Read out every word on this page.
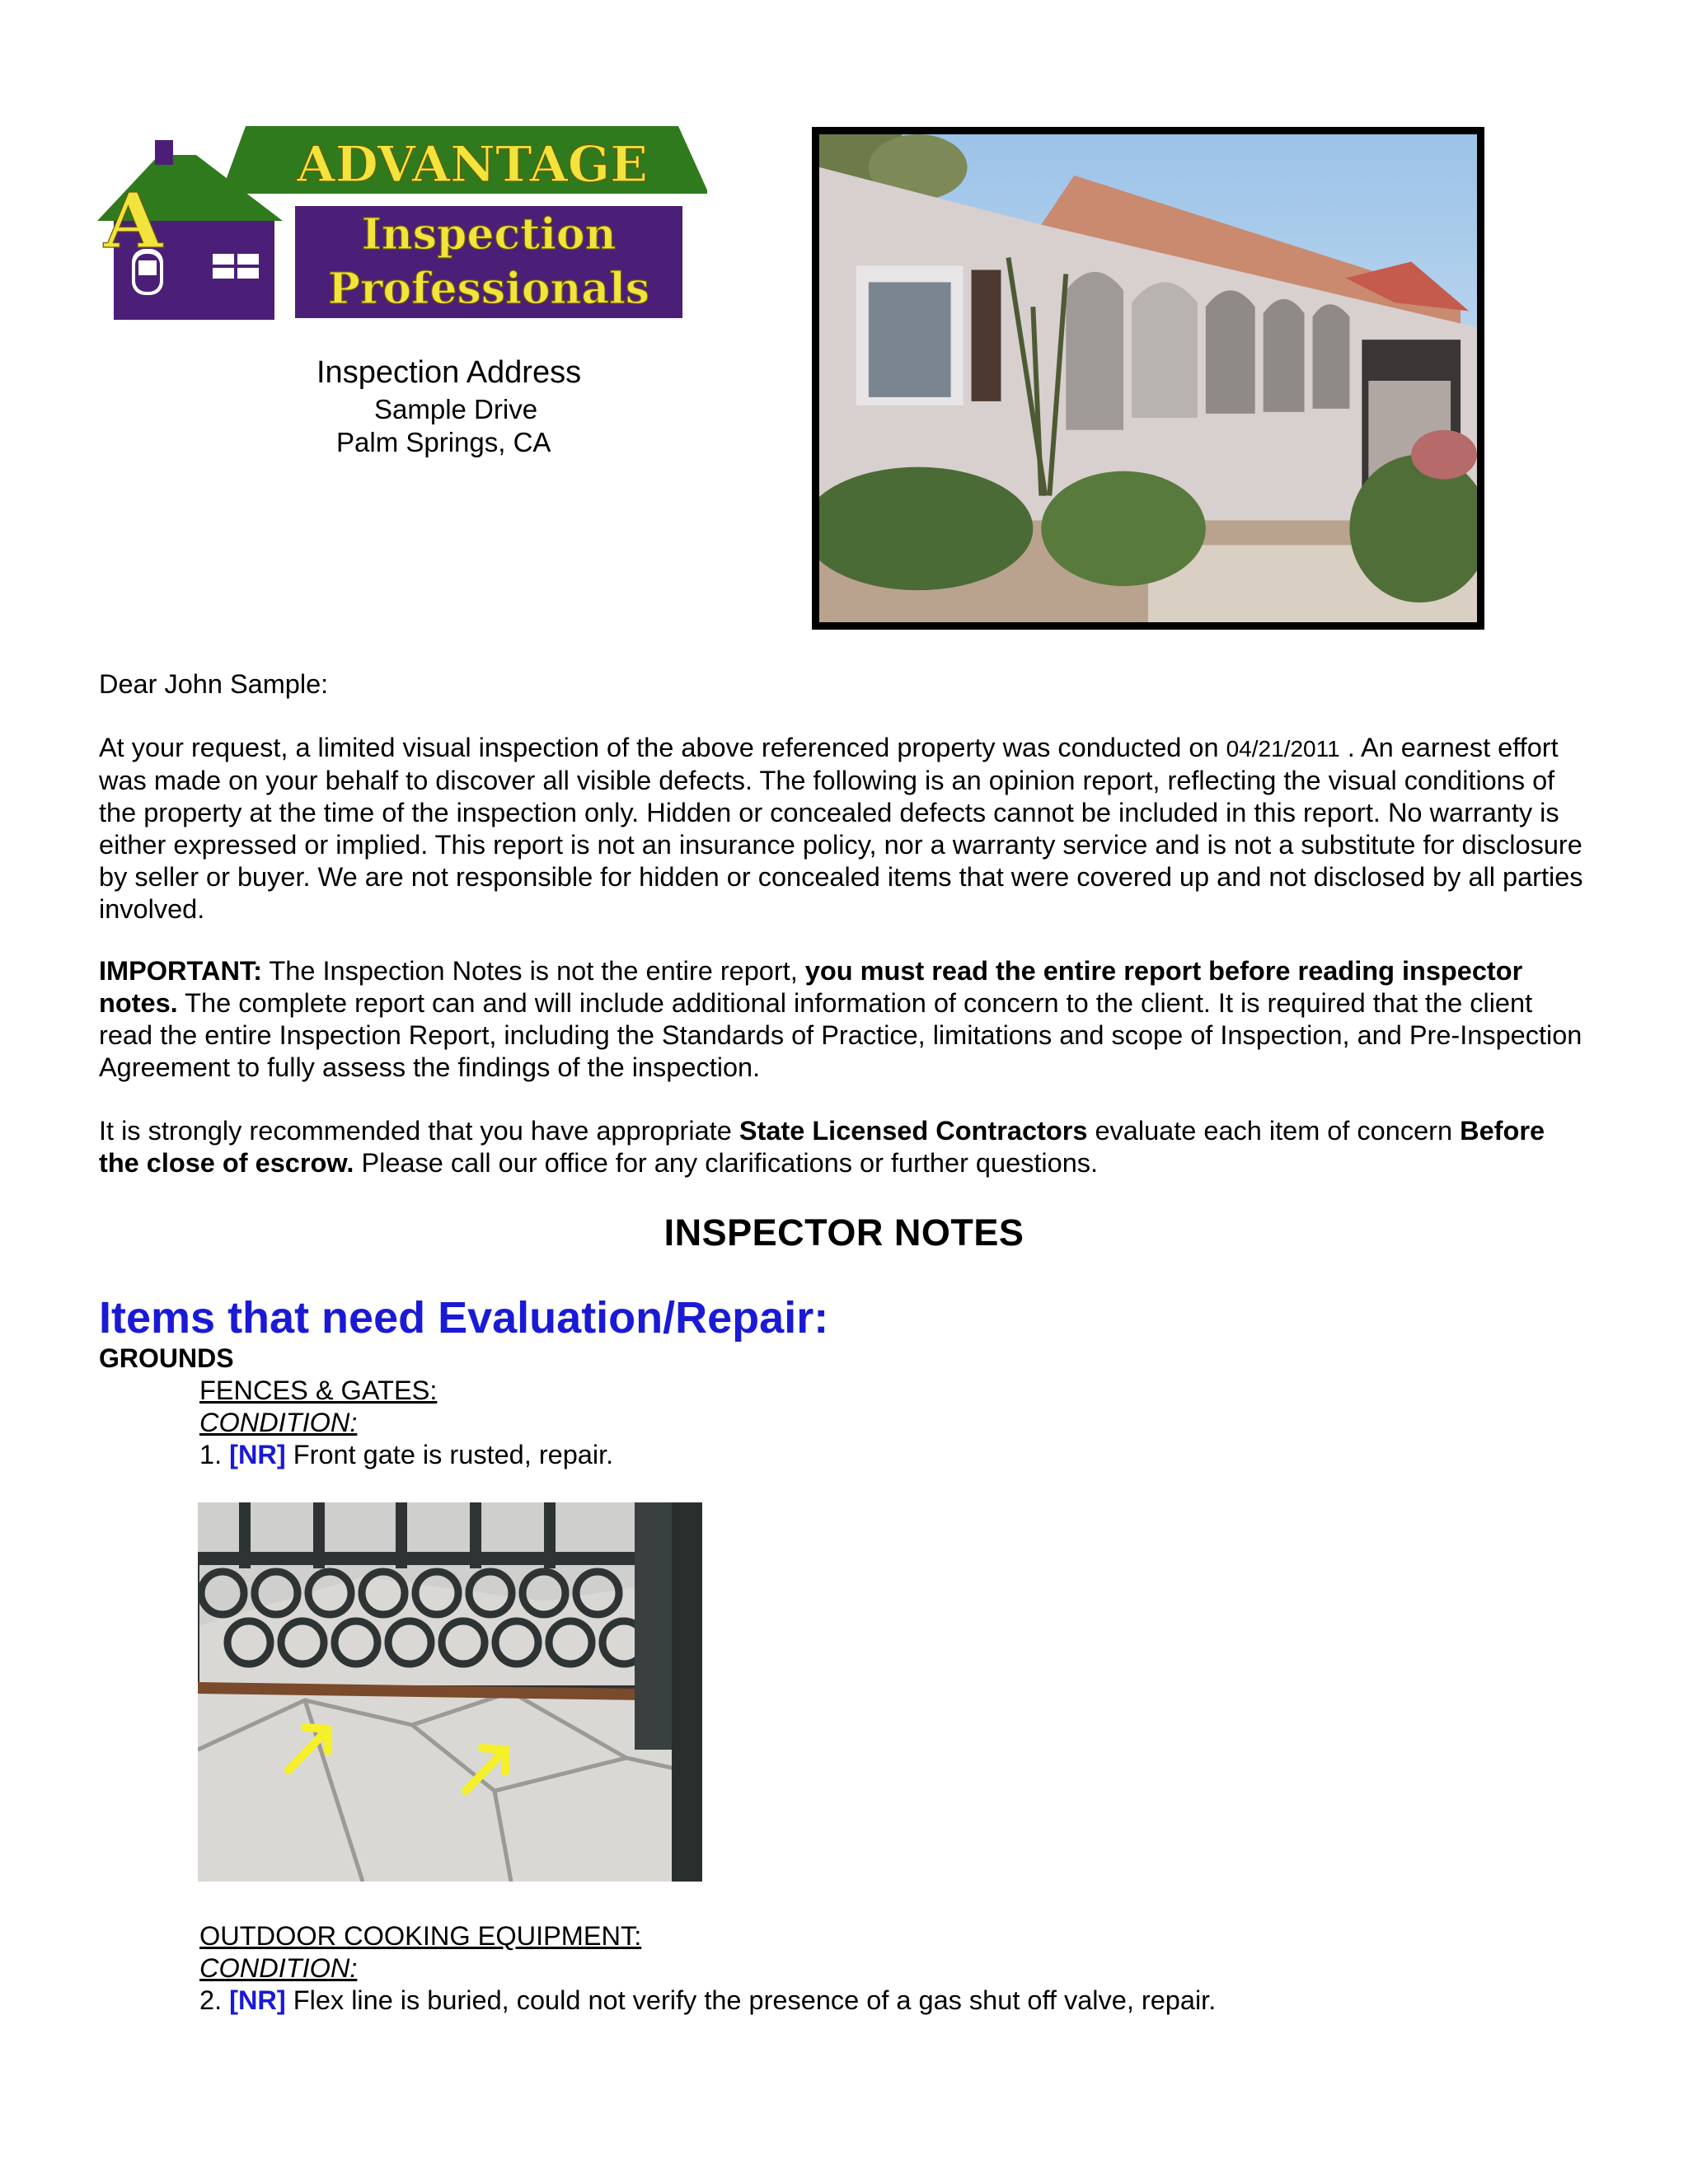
A
ADVANTAGE
Inspection
Professionals
Inspection Address
Sample Drive
Palm Springs, CA
Dear John Sample:
At your request, a limited visual inspection of the above referenced property was conducted on 04/21/2011 . An earnest effort was made on your behalf to discover all visible defects. The following is an opinion report, reflecting the visual conditions of the property at the time of the inspection only. Hidden or concealed defects cannot be included in this report. No warranty is either expressed or implied. This report is not an insurance policy, nor a warranty service and is not a substitute for disclosure by seller or buyer. We are not responsible for hidden or concealed items that were covered up and not disclosed by all parties involved.
IMPORTANT: The Inspection Notes is not the entire report, you must read the entire report before reading inspector notes. The complete report can and will include additional information of concern to the client. It is required that the client read the entire Inspection Report, including the Standards of Practice, limitations and scope of Inspection, and Pre-Inspection Agreement to fully assess the findings of the inspection.
It is strongly recommended that you have appropriate State Licensed Contractors evaluate each item of concern Before the close of escrow. Please call our office for any clarifications or further questions.
INSPECTOR NOTES
Items that need Evaluation/Repair:
GROUNDS
FENCES & GATES:
CONDITION:
1. [NR] Front gate is rusted, repair.
OUTDOOR COOKING EQUIPMENT:
CONDITION:
2. [NR] Flex line is buried, could not verify the presence of a gas shut off valve, repair.
